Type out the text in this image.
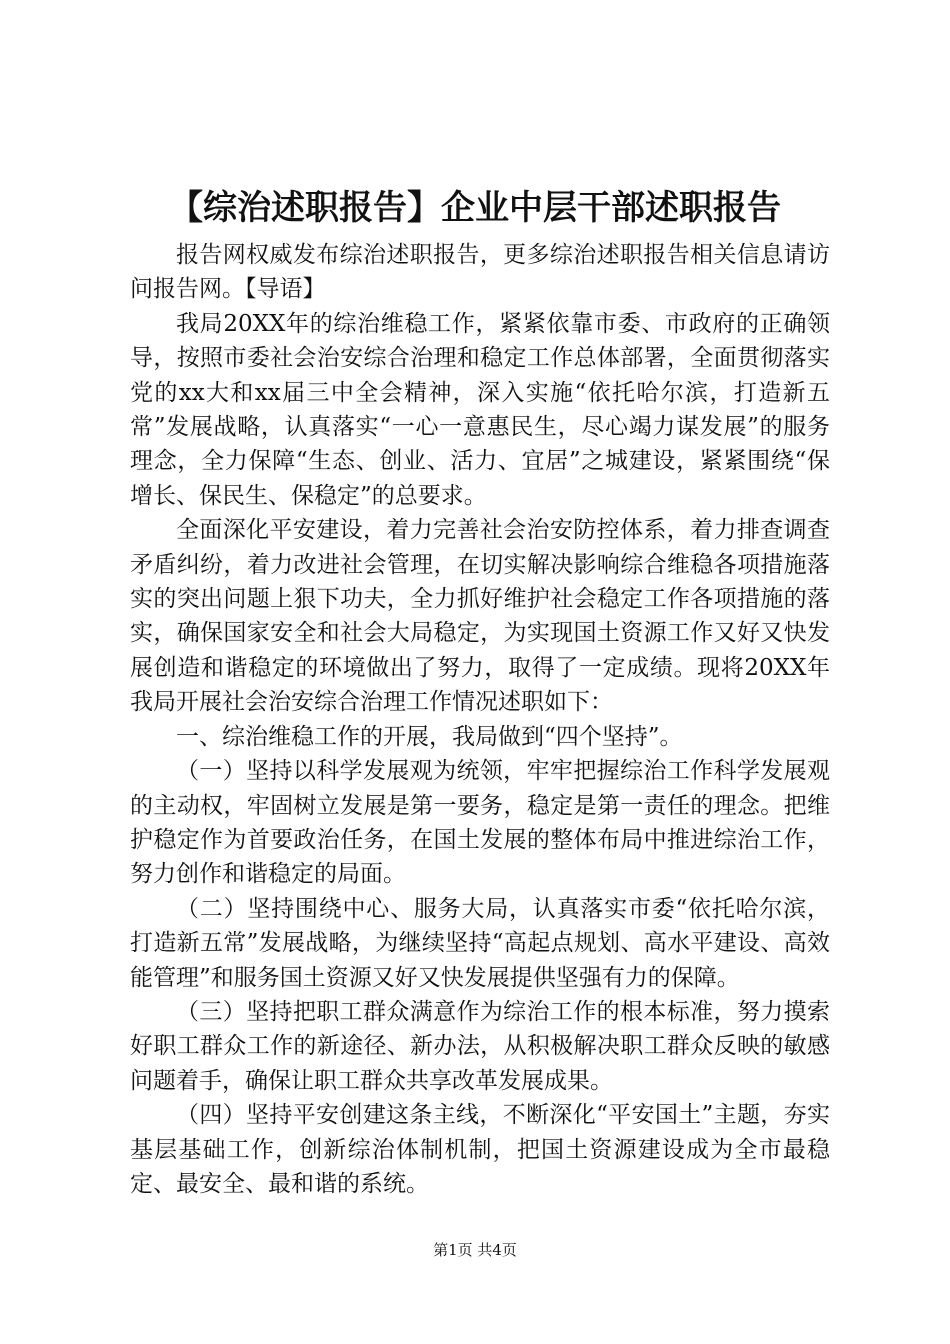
【综治述职报告】企业中层干部述职报告

报告网权威发布综治述职报告，更多综治述职报告相关信息请访问报告网。【导语】

我局20XX年的综治维稳工作，紧紧依靠市委、市政府的正确领导，按照市委社会治安综合治理和稳定工作总体部署，全面贯彻落实党的xx大和xx届三中全会精神，深入实施“依托哈尔滨，打造新五常”发展战略，认真落实“一心一意惠民生，尽心竭力谋发展”的服务理念，全力保障“生态、创业、活力、宜居”之城建设，紧紧围绕“保增长、保民生、保稳定”的总要求。

全面深化平安建设，着力完善社会治安防控体系，着力排查调查矛盾纠纷，着力改进社会管理，在切实解决影响综合维稳各项措施落实的突出问题上狠下功夫，全力抓好维护社会稳定工作各项措施的落实，确保国家安全和社会大局稳定，为实现国土资源工作又好又快发展创造和谐稳定的环境做出了努力，取得了一定成绩。现将20XX年我局开展社会治安综合治理工作情况述职如下：

一、综治维稳工作的开展，我局做到“四个坚持”。

（一）坚持以科学发展观为统领，牢牢把握综治工作科学发展观的主动权，牢固树立发展是第一要务，稳定是第一责任的理念。把维护稳定作为首要政治任务，在国土发展的整体布局中推进综治工作，努力创作和谐稳定的局面。

（二）坚持围绕中心、服务大局，认真落实市委“依托哈尔滨，打造新五常”发展战略，为继续坚持“高起点规划、高水平建设、高效能管理”和服务国土资源又好又快发展提供坚强有力的保障。

（三）坚持把职工群众满意作为综治工作的根本标准，努力摸索好职工群众工作的新途径、新办法，从积极解决职工群众反映的敏感问题着手，确保让职工群众共享改革发展成果。

（四）坚持平安创建这条主线，不断深化“平安国土”主题，夯实基层基础工作，创新综治体制机制，把国土资源建设成为全市最稳定、最安全、最和谐的系统。

第1页 共4页
